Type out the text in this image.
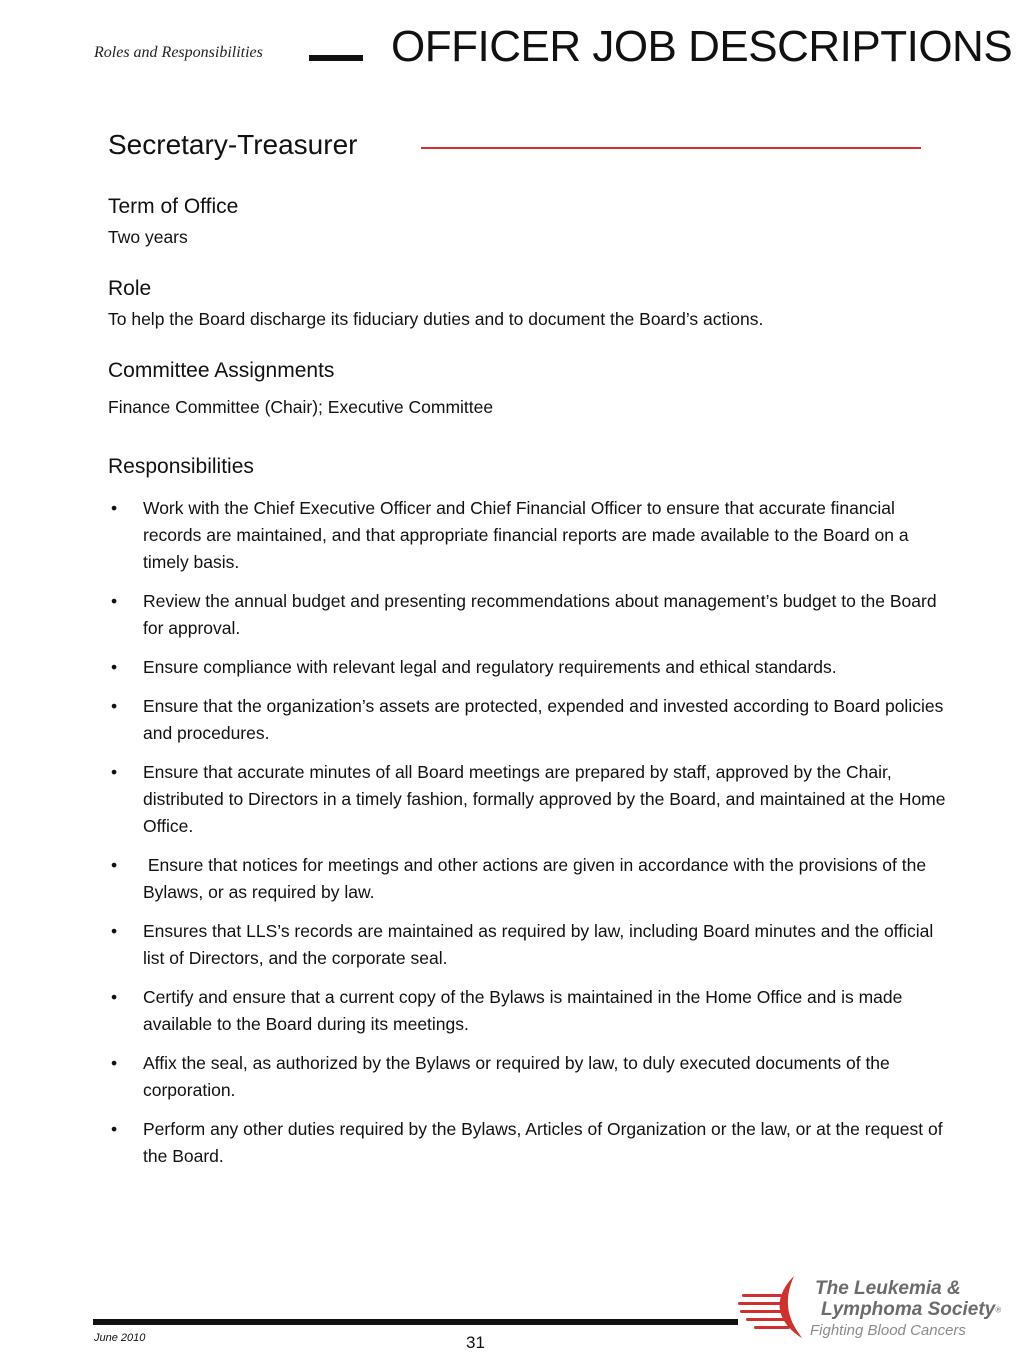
Roles and Responsibilities	OFFICER JOB DESCRIPTIONS
Secretary-Treasurer
Term of Office
Two years
Role
To help the Board discharge its fiduciary duties and to document the Board’s actions.
Committee Assignments
Finance Committee (Chair); Executive Committee
Responsibilities
• Work with the Chief Executive Officer and Chief Financial Officer to ensure that accurate financial records are maintained, and that appropriate financial reports are made available to the Board on a timely basis.
• Review the annual budget and presenting recommendations about management’s budget to the Board for approval.
• Ensure compliance with relevant legal and regulatory requirements and ethical standards.
• Ensure that the organization’s assets are protected, expended and invested according to Board policies and procedures.
• Ensure that accurate minutes of all Board meetings are prepared by staff, approved by the Chair, distributed to Directors in a timely fashion, formally approved by the Board, and maintained at the Home Office.
• Ensure that notices for meetings and other actions are given in accordance with the provisions of the Bylaws, or as required by law.
• Ensures that LLS’s records are maintained as required by law, including Board minutes and the official list of Directors, and the corporate seal.
• Certify and ensure that a current copy of the Bylaws is maintained in the Home Office and is made available to the Board during its meetings.
• Affix the seal, as authorized by the Bylaws or required by law, to duly executed documents of the corporation.
• Perform any other duties required by the Bylaws, Articles of Organization or the law, or at the request of the Board.
June 2010	31
The Leukemia &
Lymphoma Society®
Fighting Blood Cancers
